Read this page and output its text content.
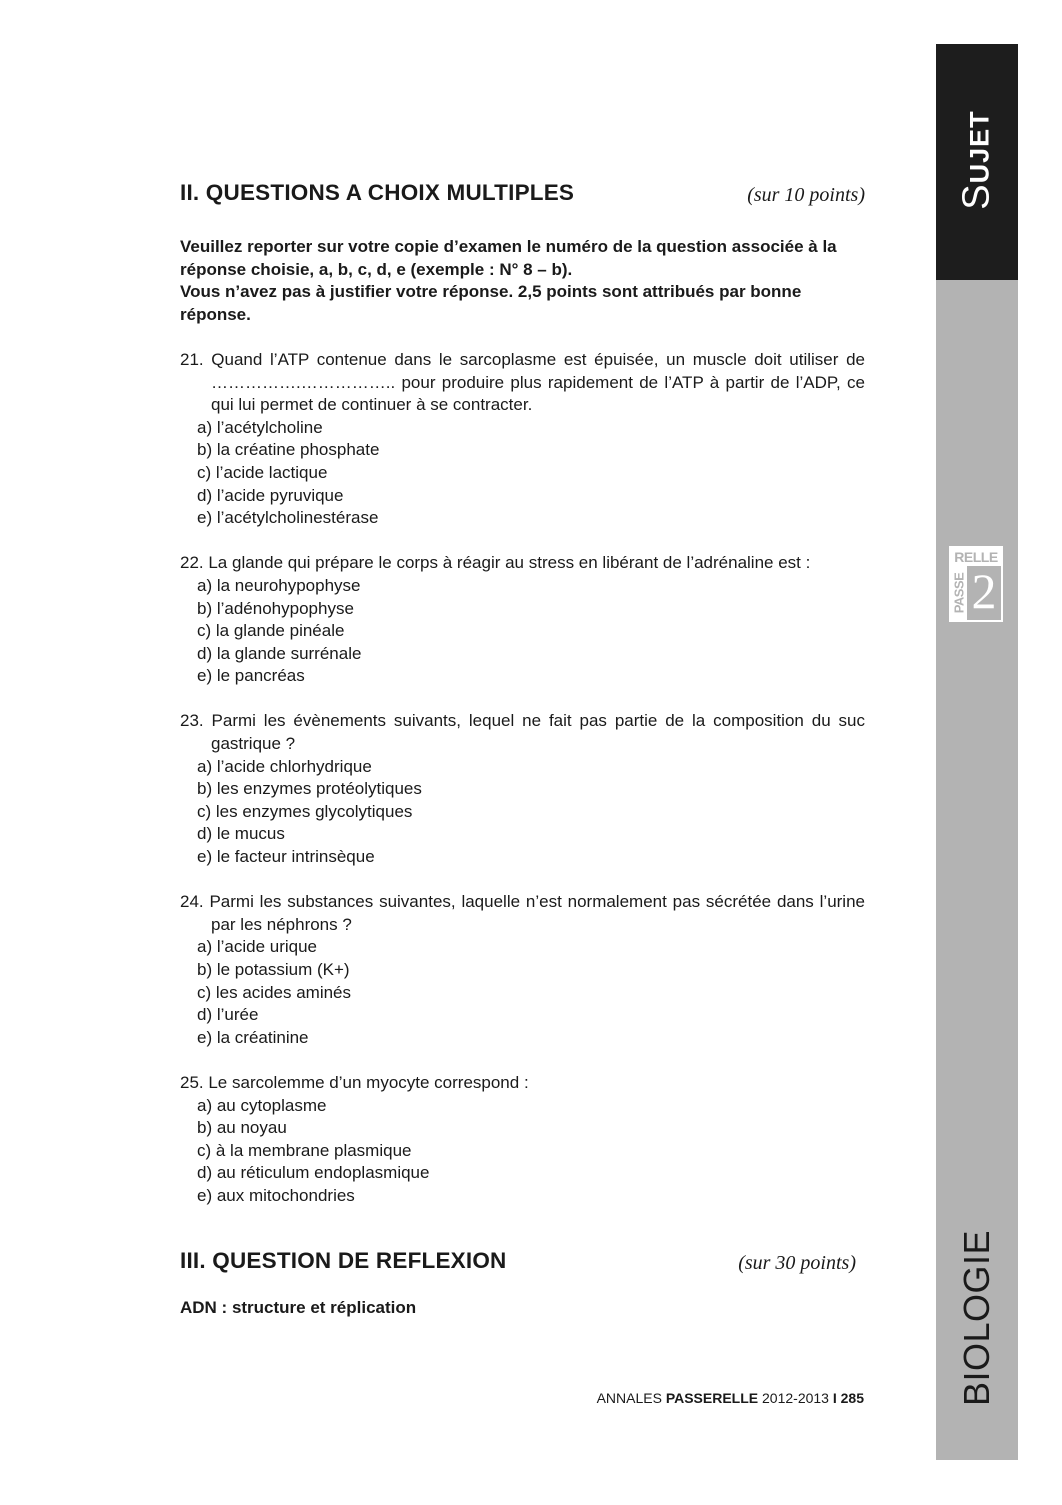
SUJET
RELLE
PASSE 2
BIOLOGIE
II. QUESTIONS A CHOIX MULTIPLES	(sur 10 points)

Veuillez reporter sur votre copie d’examen le numéro de la question associée à la réponse choisie, a, b, c, d, e (exemple : N° 8 – b).

Vous n’avez pas à justifier votre réponse. 2,5 points sont attribués par bonne réponse.

21. Quand l’ATP contenue dans le sarcoplasme est épuisée, un muscle doit utiliser de …………….…………….. pour produire plus rapidement de l’ATP à partir de l’ADP, ce qui lui permet de continuer à se contracter.
a) l’acétylcholine
b) la créatine phosphate
c) l’acide lactique
d) l’acide pyruvique
e) l’acétylcholinestérase
22. La glande qui prépare le corps à réagir au stress en libérant de l’adrénaline est :
a) la neurohypophyse
b) l’adénohypophyse
c) la glande pinéale
d) la glande surrénale
e) le pancréas
23. Parmi les évènements suivants, lequel ne fait pas partie de la composition du suc gastrique ?
a) l’acide chlorhydrique
b) les enzymes protéolytiques
c) les enzymes glycolytiques
d) le mucus
e) le facteur intrinsèque
24. Parmi les substances suivantes, laquelle n’est normalement pas sécrétée dans l’urine par les néphrons ?
a) l’acide urique
b) le potassium (K+)
c) les acides aminés
d) l’urée
e) la créatinine
25. Le sarcolemme d’un myocyte correspond :
a) au cytoplasme
b) au noyau
c) à la membrane plasmique
d) au réticulum endoplasmique
e) aux mitochondries
III. QUESTION DE REFLEXION	(sur 30 points)
ADN : structure et réplication
ANNALES PASSERELLE 2012-2013 I 285
